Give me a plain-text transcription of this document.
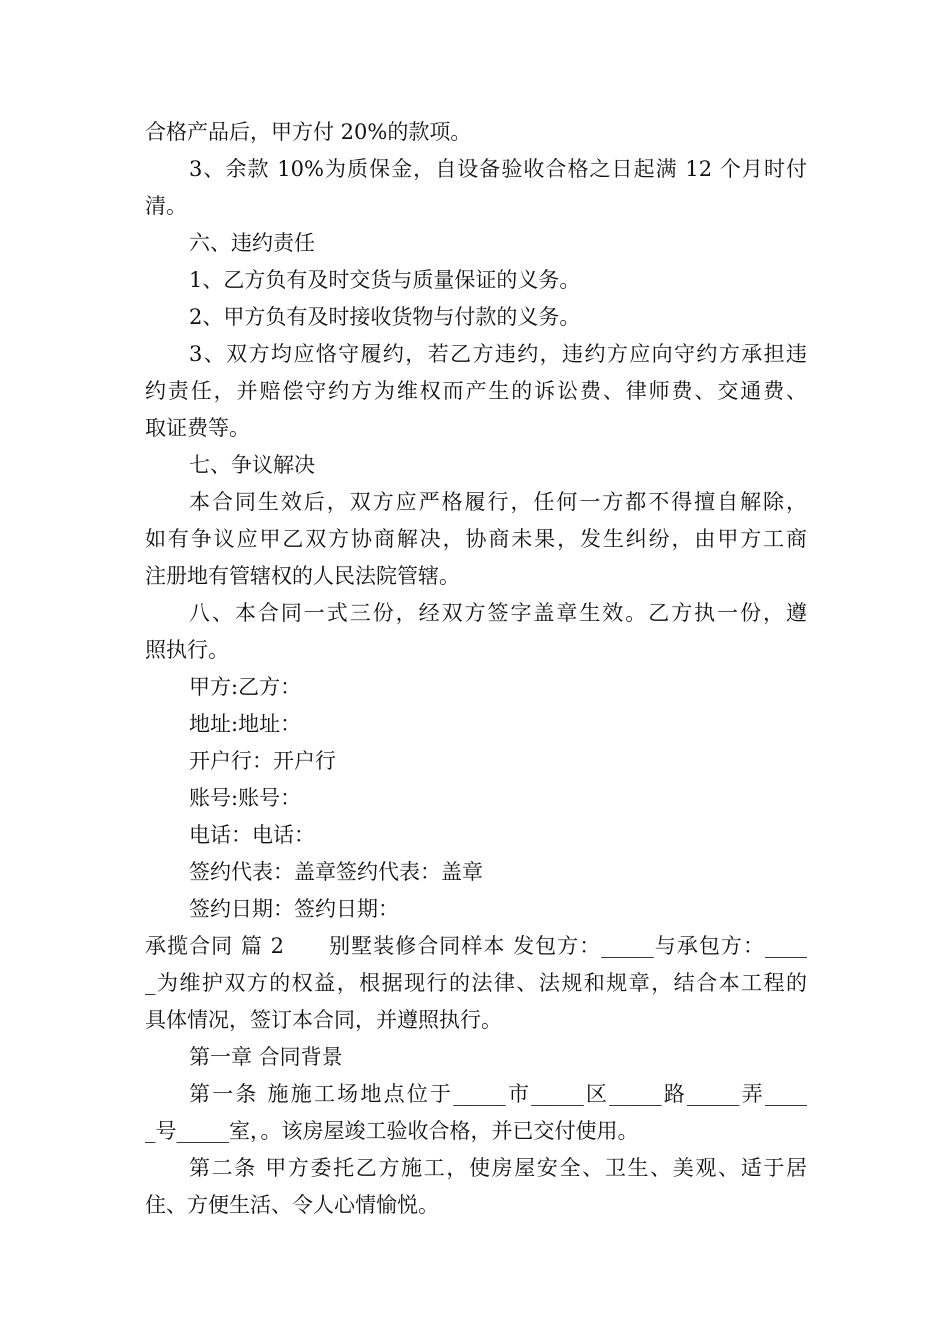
合格产品后，甲方付 20%的款项。
3、余款 10%为质保金，自设备验收合格之日起满 12 个月时付
清。
六、违约责任
1、乙方负有及时交货与质量保证的义务。
2、甲方负有及时接收货物与付款的义务。
3、双方均应恪守履约，若乙方违约，违约方应向守约方承担违
约责任，并赔偿守约方为维权而产生的诉讼费、律师费、交通费、
取证费等。
七、争议解决
本合同生效后，双方应严格履行，任何一方都不得擅自解除，
如有争议应甲乙双方协商解决，协商未果，发生纠纷，由甲方工商
注册地有管辖权的人民法院管辖。
八、本合同一式三份，经双方签字盖章生效。乙方执一份，遵
照执行。
甲方:乙方：
地址:地址：
开户行：开户行
账号:账号：
电话：电话：
签约代表：盖章签约代表：盖章
签约日期：签约日期：
承揽合同 篇 2　　别墅装修合同样本 发包方：_____与承包方：____
_为维护双方的权益，根据现行的法律、法规和规章，结合本工程的
具体情况，签订本合同，并遵照执行。
第一章 合同背景
第一条 施施工场地点位于_____市_____区_____路_____弄____
_号_____室，。该房屋竣工验收合格，并已交付使用。
第二条 甲方委托乙方施工，使房屋安全、卫生、美观、适于居
住、方便生活、令人心情愉悦。
